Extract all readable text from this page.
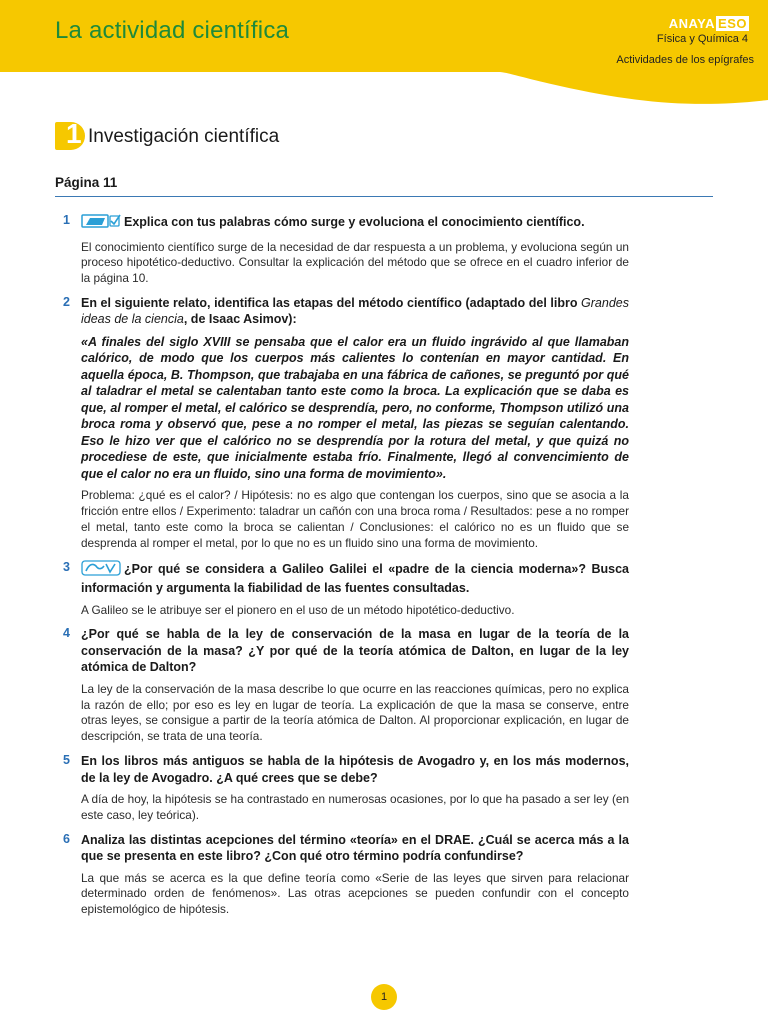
La actividad científica	ANAYA ESO
Física y Química 4
Actividades de los epígrafes
1 Investigación científica
Página 11
1	Explica con tus palabras cómo surge y evoluciona el conocimiento científico.

El conocimiento científico surge de la necesidad de dar respuesta a un problema, y evoluciona según un proceso hipotético-deductivo. Consultar la explicación del método que se ofrece en el cuadro inferior de la página 10.

2 En el siguiente relato, identifica las etapas del método científico (adaptado del libro Grandes ideas de la ciencia, de Isaac Asimov):

«A finales del siglo XVIII se pensaba que el calor era un fluido ingrávido al que llamaban calórico, de modo que los cuerpos más calientes lo contenían en mayor cantidad. En aquella época, B. Thompson, que trabajaba en una fábrica de cañones, se preguntó por qué al taladrar el metal se calentaban tanto este como la broca. La explicación que se daba es que, al romper el metal, el calórico se desprendía, pero, no conforme, Thompson utilizó una broca roma y observó que, pese a no romper el metal, las piezas se seguían calentando. Eso le hizo ver que el calórico no se desprendía por la rotura del metal, y que quizá no procediese de este, que inicialmente estaba frío. Finalmente, llegó al convencimiento de que el calor no era un fluido, sino una forma de movimiento».

Problema: ¿qué es el calor? / Hipótesis: no es algo que contengan los cuerpos, sino que se asocia a la fricción entre ellos / Experimento: taladrar un cañón con una broca roma / Resultados: pese a no romper el metal, tanto este como la broca se calientan / Conclusiones: el calórico no es un fluido que se desprenda al romper el metal, por lo que no es un fluido sino una forma de movimiento.

3	¿Por qué se considera a Galileo Galilei el «padre de la ciencia moderna»? Busca información y argumenta la fiabilidad de las fuentes consultadas.

A Galileo se le atribuye ser el pionero en el uso de un método hipotético-deductivo.

4 ¿Por qué se habla de la ley de conservación de la masa en lugar de la teoría de la conservación de la masa? ¿Y por qué de la teoría atómica de Dalton, en lugar de la ley atómica de Dalton?

La ley de la conservación de la masa describe lo que ocurre en las reacciones químicas, pero no explica la razón de ello; por eso es ley en lugar de teoría. La explicación de que la masa se conserve, entre otras leyes, se consigue a partir de la teoría atómica de Dalton. Al proporcionar explicación, en lugar de descripción, se trata de una teoría.

5 En los libros más antiguos se habla de la hipótesis de Avogadro y, en los más modernos, de la ley de Avogadro. ¿A qué crees que se debe?

A día de hoy, la hipótesis se ha contrastado en numerosas ocasiones, por lo que ha pasado a ser ley (en este caso, ley teórica).

6 Analiza las distintas acepciones del término «teoría» en el DRAE. ¿Cuál se acerca más a la que se presenta en este libro? ¿Con qué otro término podría confundirse?

La que más se acerca es la que define teoría como «Serie de las leyes que sirven para relacionar determinado orden de fenómenos». Las otras acepciones se pueden confundir con el concepto epistemológico de hipótesis.

1
